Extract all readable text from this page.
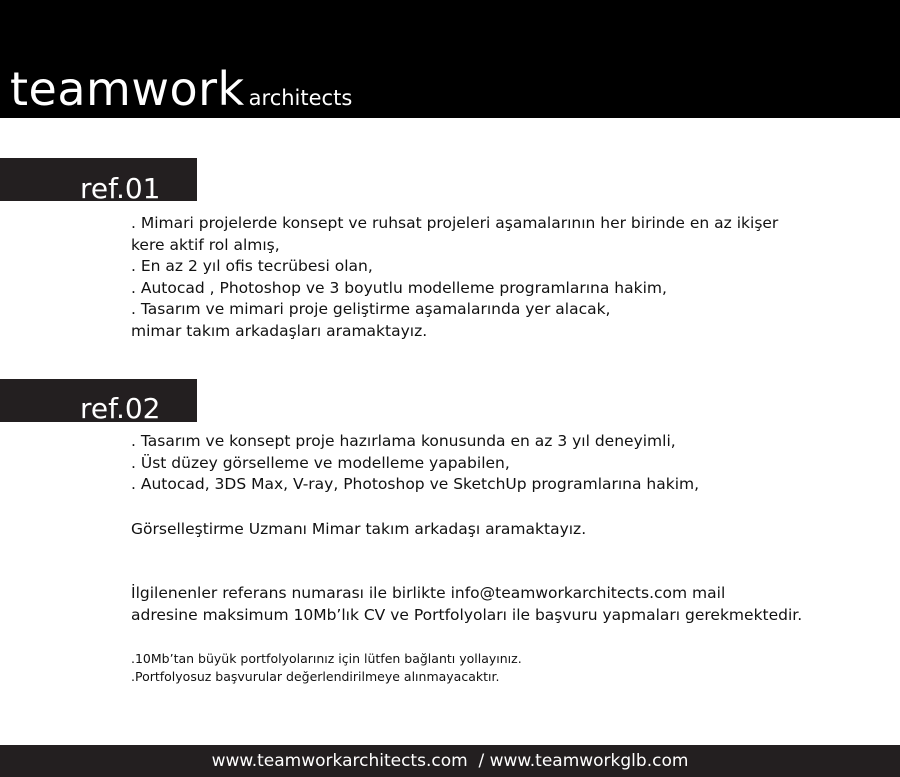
teamwork architects
ref.01

. Mimari projelerde konsept ve ruhsat projeleri aşamalarının her birinde en az ikişer

kere aktif rol almış,

. En az 2 yıl ofis tecrübesi olan,

. Autocad , Photoshop ve 3 boyutlu modelleme programlarına hakim,

. Tasarım ve mimari proje geliştirme aşamalarında yer alacak,

mimar takım arkadaşları aramaktayız.

ref.02

. Tasarım ve konsept proje hazırlama konusunda en az 3 yıl deneyimli,

. Üst düzey görselleme ve modelleme yapabilen,

. Autocad, 3DS Max, V-ray, Photoshop ve SketchUp programlarına hakim,

Görselleştirme Uzmanı Mimar takım arkadaşı aramaktayız.

İlgilenenler referans numarası ile birlikte info@teamworkarchitects.com mail

adresine maksimum 10Mb’lık CV ve Portfolyoları ile başvuru yapmaları gerekmektedir.

.10Mb’tan büyük portfolyolarınız için lütfen bağlantı yollayınız.

.Portfolyosuz başvurular değerlendirilmeye alınmayacaktır.

www.teamworkarchitects.com  / www.teamworkglb.com
